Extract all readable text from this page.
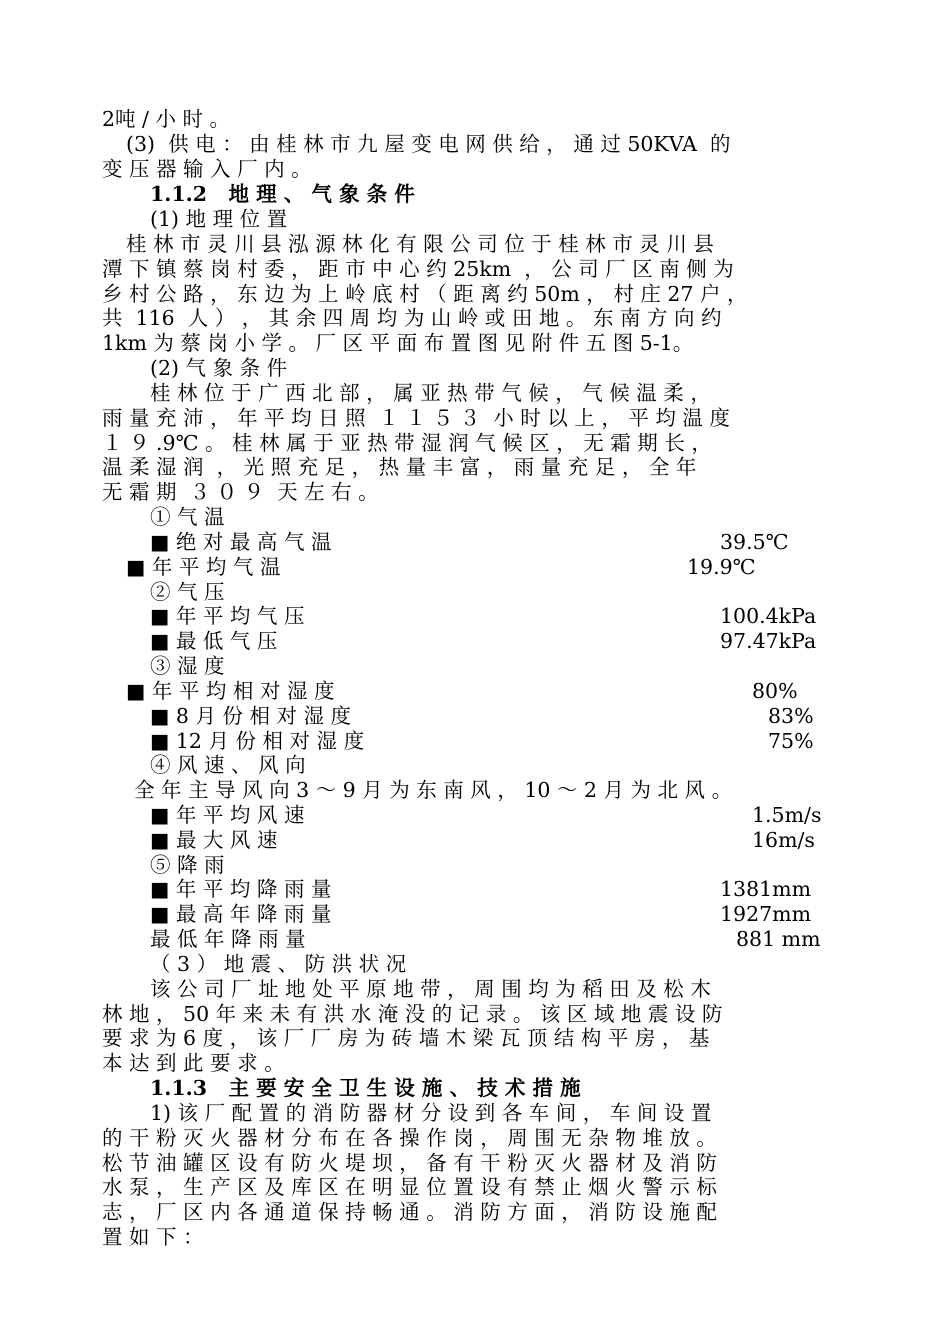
2吨 / 小 时 。
(3)  供 电 ： 由 桂 林 市 九 屋 变 电 网 供 给 ， 通 过 50KVA  的
变 压 器 输 入 厂 内 。
1.1.2   地 理 、 气 象 条 件
(1) 地 理 位 置
桂 林 市 灵 川 县 泓 源 林 化 有 限 公 司 位 于 桂 林 市 灵 川 县
潭 下 镇 蔡 岗 村 委 ， 距 市 中 心 约 25km  ， 公 司 厂 区 南 侧 为
乡 村 公 路 ， 东 边 为 上 岭 底 村 （ 距 离 约 50m ， 村 庄 27 户 ，
共  116  人 ） ， 其 余 四 周 均 为 山 岭 或 田 地 。 东 南 方 向 约
1km 为 蔡 岗 小 学 。 厂 区 平 面 布 置 图 见 附 件 五 图 5-1。
(2) 气 象 条 件
桂 林 位 于 广 西 北 部 ， 属 亚 热 带 气 候 ， 气 候 温 柔 ，
雨 量 充 沛 ， 年 平 均 日 照  １ １ ５ ３  小 时 以 上 ， 平 均 温 度
１ ９ .9℃ 。 桂 林 属 于 亚 热 带 湿 润 气 候 区 ， 无 霜 期 长 ，
温 柔 湿 润  ， 光 照 充 足 ， 热 量 丰 富 ， 雨 量 充 足 ， 全 年
无 霜 期  ３ ０ ９  天 左 右 。
① 气 温
■ 绝 对 最 高 气 温	39.5℃
■ 年 平 均 气 温	19.9℃
② 气 压
■ 年 平 均 气 压	100.4kPa
■ 最 低 气 压	97.47kPa
③ 湿 度
■ 年 平 均 相 对 湿 度	80%
■ 8 月 份 相 对 湿 度	83%
■ 12 月 份 相 对 湿 度	75%
④ 风 速 、 风 向
全 年 主 导 风 向 3 ～ 9 月 为 东 南 风 ， 10 ～ 2 月 为 北 风 。
■ 年 平 均 风 速	1.5m/s
■ 最 大 风 速	16m/s
⑤ 降 雨
■ 年 平 均 降 雨 量	1381mm
■ 最 高 年 降 雨 量	1927mm
最 低 年 降 雨 量	881 mm
（ 3 ） 地 震 、 防 洪 状 况
该 公 司 厂 址 地 处 平 原 地 带 ， 周 围 均 为 稻 田 及 松 木
林 地 ， 50 年 来 未 有 洪 水 淹 没 的 记 录 。 该 区 域 地 震 设 防
要 求 为 6 度 ， 该 厂 厂 房 为 砖 墙 木 梁 瓦 顶 结 构 平 房 ， 基
本 达 到 此 要 求 。
1.1.3   主 要 安 全 卫 生 设 施 、 技 术 措 施
1) 该 厂 配 置 的 消 防 器 材 分 设 到 各 车 间 ， 车 间 设 置
的 干 粉 灭 火 器 材 分 布 在 各 操 作 岗 ， 周 围 无 杂 物 堆 放 。
松 节 油 罐 区 设 有 防 火 堤 坝 ， 备 有 干 粉 灭 火 器 材 及 消 防
水 泵 ， 生 产 区 及 库 区 在 明 显 位 置 设 有 禁 止 烟 火 警 示 标
志 ， 厂 区 内 各 通 道 保 持 畅 通 。 消 防 方 面 ， 消 防 设 施 配
置 如 下 ：
